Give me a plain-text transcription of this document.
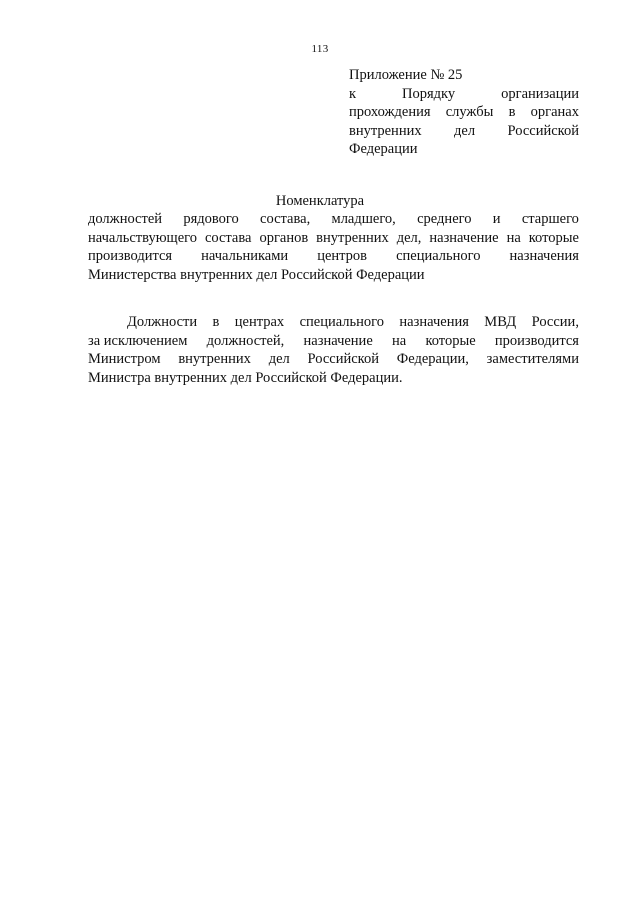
113
Приложение № 25
к	Порядку	организации
прохождения службы в органах
внутренних дел Российской
Федерации
Номенклатура
должностей рядового состава, младшего, среднего и старшего
начальствующего состава органов внутренних дел, назначение на которые
производится начальниками центров специального назначения
Министерства внутренних дел Российской Федерации
Должности в центрах специального назначения МВД России,
за исключением должностей, назначение на которые производится
Министром внутренних дел Российской Федерации, заместителями
Министра внутренних дел Российской Федерации.
